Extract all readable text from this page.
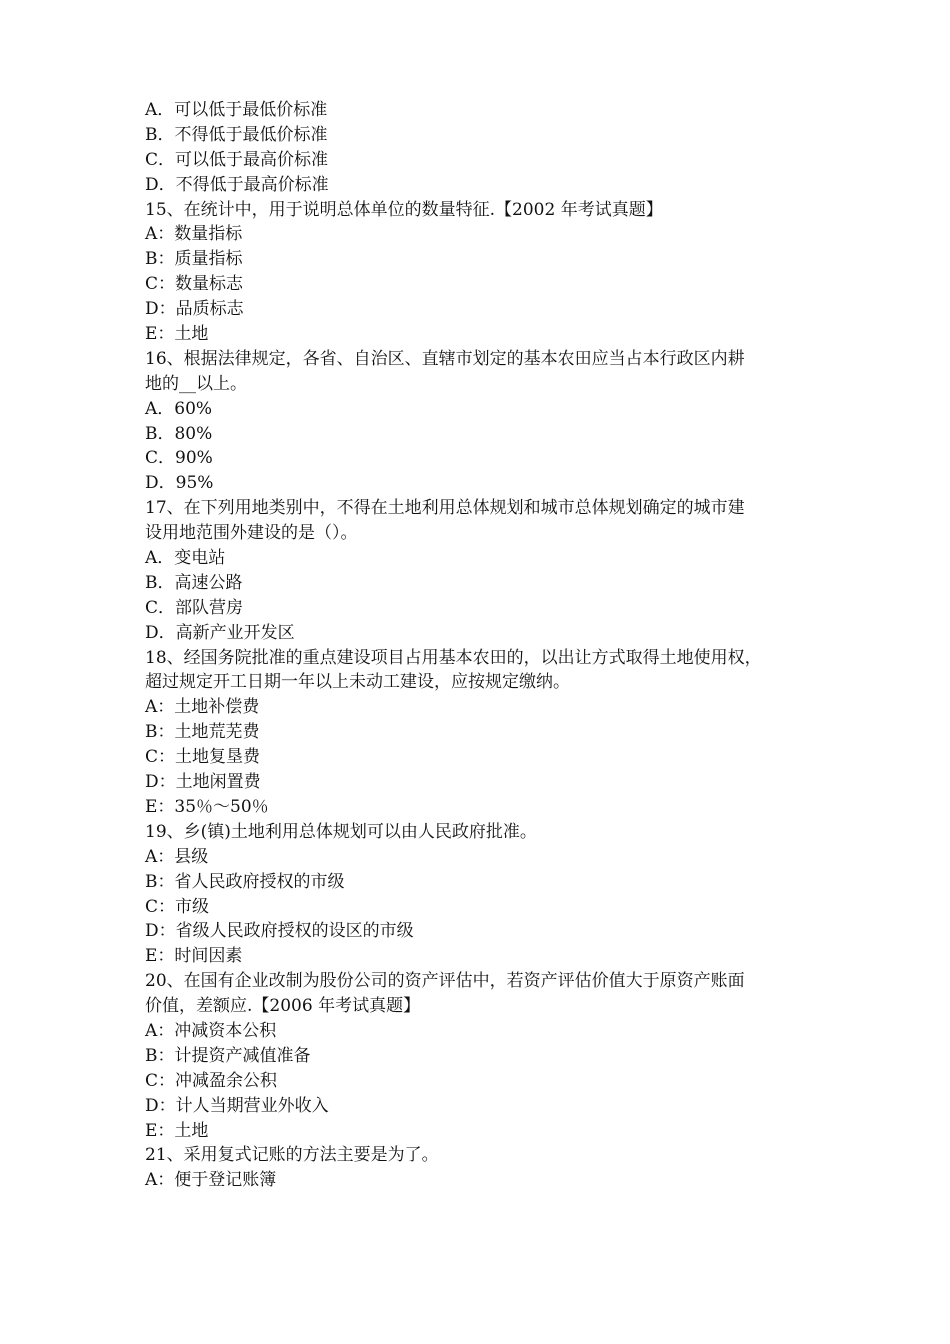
A．可以低于最低价标准
B．不得低于最低价标准
C．可以低于最高价标准
D．不得低于最高价标准
15、在统计中，用于说明总体单位的数量特征.【2002 年考试真题】
A：数量指标
B：质量指标
C：数量标志
D：品质标志
E：土地
16、根据法律规定，各省、自治区、直辖市划定的基本农田应当占本行政区内耕
地的__以上。
A．60%
B．80%
C．90%
D．95%
17、在下列用地类别中，不得在土地利用总体规划和城市总体规划确定的城市建
设用地范围外建设的是（）。
A．变电站
B．高速公路
C．部队营房
D．高新产业开发区
18、经国务院批准的重点建设项目占用基本农田的，以出让方式取得土地使用权，
超过规定开工日期一年以上未动工建设，应按规定缴纳。
A：土地补偿费
B：土地荒芜费
C：土地复垦费
D：土地闲置费
E：35％～50％
19、乡(镇)土地利用总体规划可以由人民政府批准。
A：县级
B：省人民政府授权的市级
C：市级
D：省级人民政府授权的设区的市级
E：时间因素
20、在国有企业改制为股份公司的资产评估中，若资产评估价值大于原资产账面
价值，差额应.【2006 年考试真题】
A：冲减资本公积
B：计提资产减值准备
C：冲减盈余公积
D：计人当期营业外收入
E：土地
21、采用复式记账的方法主要是为了。
A：便于登记账簿
